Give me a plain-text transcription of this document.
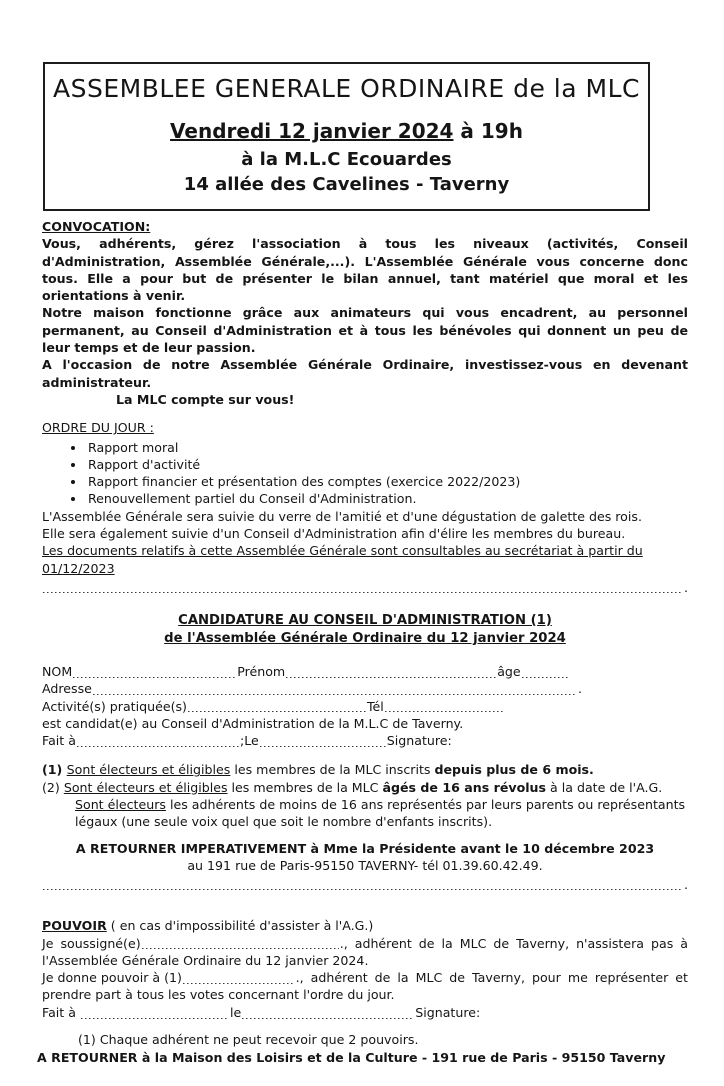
ASSEMBLEE GENERALE ORDINAIRE de la MLC
Vendredi 12 janvier 2024 à 19h
à la M.L.C Ecouardes
14 allée des Cavelines - Taverny
CONVOCATION:
Vous, adhérents, gérez l'association à tous les niveaux (activités, Conseil d'Administration, Assemblée Générale,...). L'Assemblée Générale vous concerne donc tous. Elle a pour but de présenter le bilan annuel, tant matériel que moral et les orientations à venir.
Notre maison fonctionne grâce aux animateurs qui vous encadrent, au personnel permanent, au Conseil d'Administration et à tous les bénévoles qui donnent un peu de leur temps et de leur passion.
A l'occasion de notre Assemblée Générale Ordinaire, investissez-vous en devenant administrateur.
La MLC compte sur vous!
ORDRE DU JOUR :
• Rapport moral
• Rapport d'activité
• Rapport financier et présentation des comptes (exercice 2022/2023)
• Renouvellement partiel du Conseil d'Administration.
L'Assemblée Générale sera suivie du verre de l'amitié et d'une dégustation de galette des rois.
Elle sera également suivie d'un Conseil d'Administration afin d'élire les membres du bureau.
Les documents relatifs à cette Assemblée Générale sont consultables au secrétariat à partir du 01/12/2023
.
CANDIDATURE AU CONSEIL D'ADMINISTRATION (1)
de l'Assemblée Générale Ordinaire du 12 janvier 2024
NOM	Prénom	âge
Adresse	.
Activité(s) pratiquée(s)	Tél
est candidat(e) au Conseil d'Administration de la M.L.C de Taverny.
Fait à	;Le	Signature:
(1) Sont électeurs et éligibles les membres de la MLC inscrits depuis plus de 6 mois.
(2) Sont électeurs et éligibles les membres de la MLC âgés de 16 ans révolus à la date de l'A.G.
Sont électeurs les adhérents de moins de 16 ans représentés par leurs parents ou représentants légaux (une seule voix quel que soit le nombre d'enfants inscrits).
A RETOURNER IMPERATIVEMENT à Mme la Présidente avant le 10 décembre 2023
au 191 rue de Paris-95150 TAVERNY- tél 01.39.60.42.49.
.
POUVOIR ( en cas d'impossibilité d'assister à l'A.G.)
Je soussigné(e)	., adhérent de la MLC de Taverny, n'assistera pas à
l'Assemblée Générale Ordinaire du 12 janvier 2024.
Je donne pouvoir à (1)	., adhérent de la MLC de Taverny, pour me représenter et
prendre part à tous les votes concernant l'ordre du jour.
Fait à	le	Signature:
(1) Chaque adhérent ne peut recevoir que 2 pouvoirs.
A RETOURNER à la Maison des Loisirs et de la Culture - 191 rue de Paris - 95150 Taverny
